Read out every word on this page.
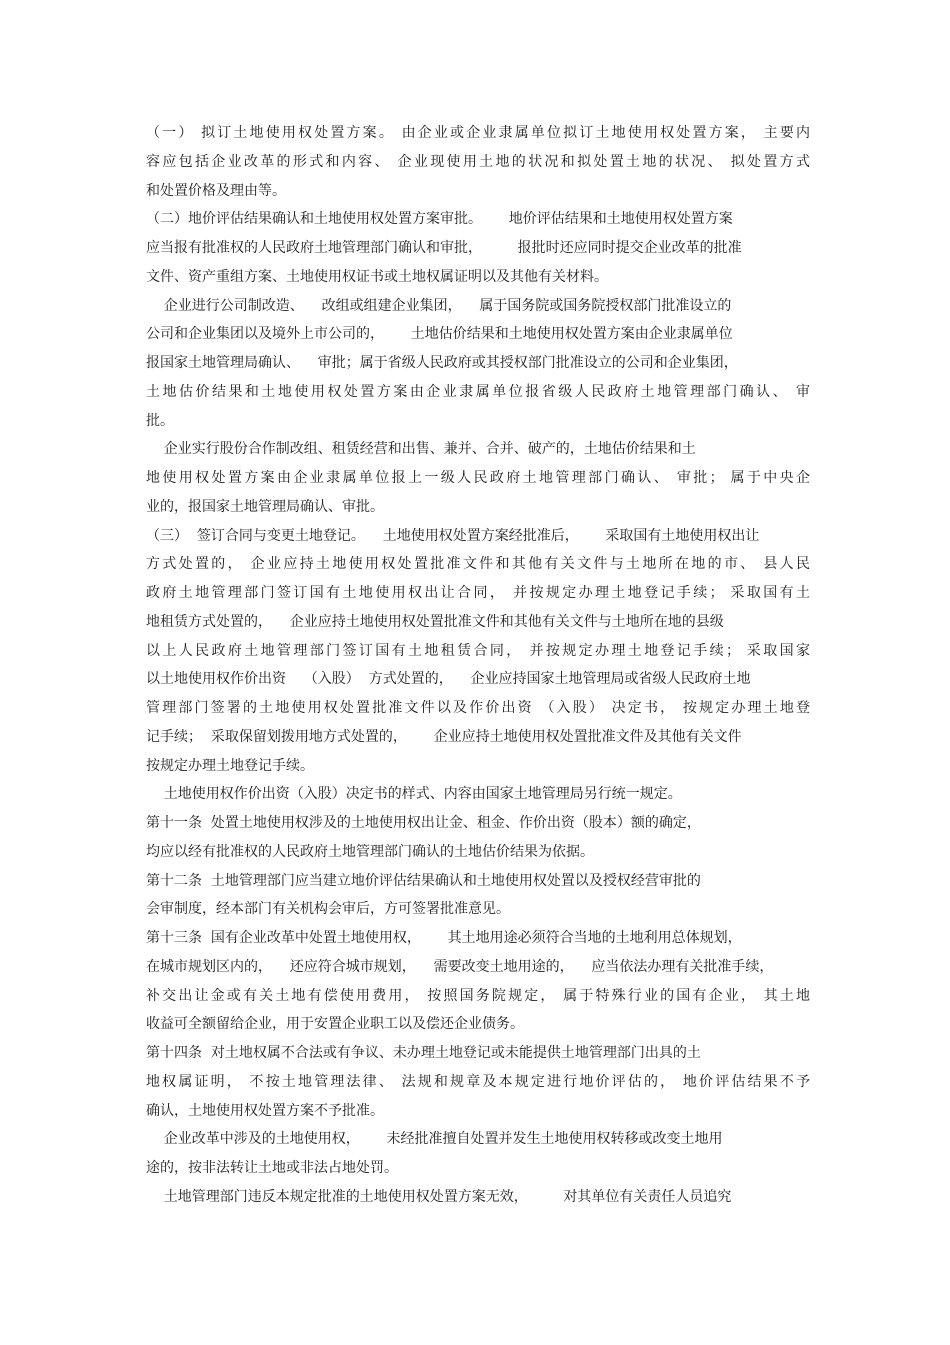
（一） 拟订土地使用权处置方案。 由企业或企业隶属单位拟订土地使用权处置方案， 主要内
容应包括企业改革的形式和内容、 企业现使用土地的状况和拟处置土地的状况、 拟处置方式
和处置价格及理由等。
（二）地价评估结果确认和土地使用权处置方案审批。      地价评估结果和土地使用权处置方案
应当报有批准权的人民政府土地管理部门确认和审批，        报批时还应同时提交企业改革的批准
文件、资产重组方案、土地使用权证书或土地权属证明以及其他有关材料。
企业进行公司制改造、    改组或组建企业集团，    属于国务院或国务院授权部门批准设立的
公司和企业集团以及境外上市公司的，      土地估价结果和土地使用权处置方案由企业隶属单位
报国家土地管理局确认、    审批；属于省级人民政府或其授权部门批准设立的公司和企业集团，
土地估价结果和土地使用权处置方案由企业隶属单位报省级人民政府土地管理部门确认、 审
批。
企业实行股份合作制改组、租赁经营和出售、兼并、合并、破产的，土地估价结果和土
地使用权处置方案由企业隶属单位报上一级人民政府土地管理部门确认、 审批； 属于中央企
业的，报国家土地管理局确认、审批。
（三）  签订合同与变更土地登记。    土地使用权处置方案经批准后，      采取国有土地使用权出让
方式处置的， 企业应持土地使用权处置批准文件和其他有关文件与土地所在地的市、 县人民
政府土地管理部门签订国有土地使用权出让合同， 并按规定办理土地登记手续； 采取国有土
地租赁方式处置的，    企业应持土地使用权处置批准文件和其他有关文件与土地所在地的县级
以上人民政府土地管理部门签订国有土地租赁合同， 并按规定办理土地登记手续； 采取国家
以土地使用权作价出资    （入股）  方式处置的，    企业应持国家土地管理局或省级人民政府土地
管理部门签署的土地使用权处置批准文件以及作价出资 （入股） 决定书， 按规定办理土地登
记手续；  采取保留划拨用地方式处置的，      企业应持土地使用权处置批准文件及其他有关文件
按规定办理土地登记手续。
土地使用权作价出资（入股）决定书的样式、内容由国家土地管理局另行统一规定。
第十一条  处置土地使用权涉及的土地使用权出让金、租金、作价出资（股本）额的确定，
均应以经有批准权的人民政府土地管理部门确认的土地估价结果为依据。
第十二条  土地管理部门应当建立地价评估结果确认和土地使用权处置以及授权经营审批的
会审制度，经本部门有关机构会审后，方可签署批准意见。
第十三条  国有企业改革中处置土地使用权，      其土地用途必须符合当地的土地利用总体规划，
在城市规划区内的，    还应符合城市规划，    需要改变土地用途的，    应当依法办理有关批准手续，
补交出让金或有关土地有偿使用费用， 按照国务院规定， 属于特殊行业的国有企业， 其土地
收益可全额留给企业，用于安置企业职工以及偿还企业债务。
第十四条  对土地权属不合法或有争议、未办理土地登记或未能提供土地管理部门出具的土
地权属证明， 不按土地管理法律、 法规和规章及本规定进行地价评估的， 地价评估结果不予
确认，土地使用权处置方案不予批准。
企业改革中涉及的土地使用权，      未经批准擅自处置并发生土地使用权转移或改变土地用
途的，按非法转让土地或非法占地处罚。
土地管理部门违反本规定批准的土地使用权处置方案无效，        对其单位有关责任人员追究
